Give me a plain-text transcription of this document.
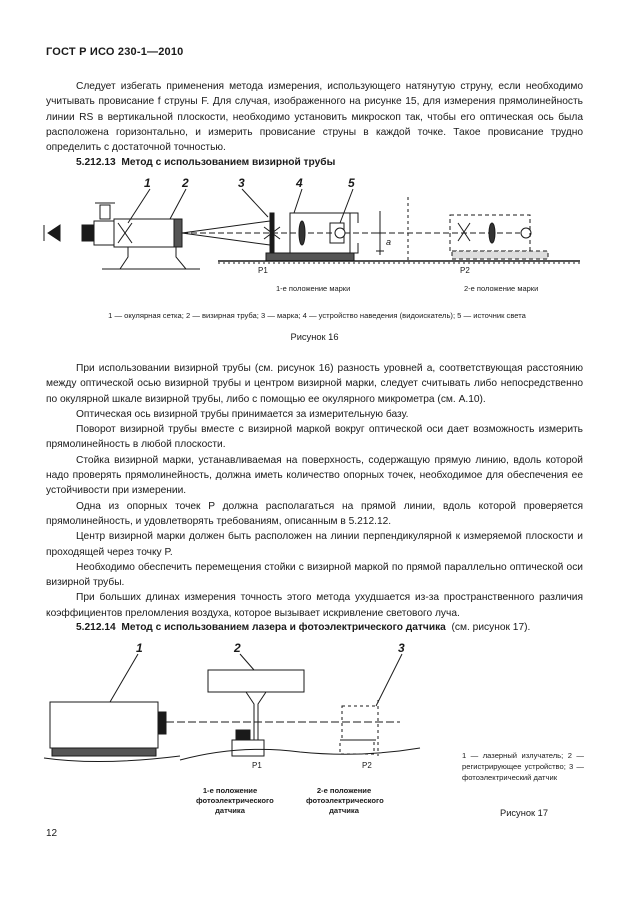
ГОСТ Р ИСО 230-1—2010

Следует избегать применения метода измерения, использующего натянутую струну, если необходимо учитывать провисание f струны F. Для случая, изображенного на рисунке 15, для измерения прямолинейность линии RS в вертикальной плоскости, необходимо установить микроскоп так, чтобы его оптическая ось была расположена горизонтально, и измерить провисание струны в каждой точке. Такое провисание трудно определить с достаточной точностью.

5.212.13 Метод с использованием визирной трубы
1	2	3	4	5
a
P1	P2
1-е положение марки	2-е положение марки
1 — окулярная сетка; 2 — визирная труба; 3 — марка; 4 — устройство наведения (видоискатель); 5 — источник света
Рисунок 16

При использовании визирной трубы (см. рисунок 16) разность уровней a, соответствующая расстоянию между оптической осью визирной трубы и центром визирной марки, следует считывать либо непосредственно по окулярной шкале визирной трубы, либо с помощью ее окулярного микрометра (см. А.10).

Оптическая ось визирной трубы принимается за измерительную базу.

Поворот визирной трубы вместе с визирной маркой вокруг оптической оси дает возможность измерить прямолинейность в любой плоскости.

Стойка визирной марки, устанавливаемая на поверхность, содержащую прямую линию, вдоль которой надо проверять прямолинейность, должна иметь количество опорных точек, необходимое для обеспечения ее устойчивости при измерении.

Одна из опорных точек P должна располагаться на прямой линии, вдоль которой проверяется прямолинейность, и удовлетворять требованиям, описанным в 5.212.12.

Центр визирной марки должен быть расположен на линии перпендикулярной к измеряемой плоскости и проходящей через точку P.

Необходимо обеспечить перемещения стойки с визирной маркой по прямой параллельно оптической оси визирной трубы.

При больших длинах измерения точность этого метода ухудшается из-за пространственного различия коэффициентов преломления воздуха, которое вызывает искривление светового луча.

5.212.14 Метод с использованием лазера и фотоэлектрического датчика (см. рисунок 17).
1	2	3
P1	P2
1-е положение фотоэлектрического датчика
2-е положение фотоэлектрического датчика
1 — лазерный излучатель; 2 — регистрирующее устройство; 3 — фотоэлектрический датчик
Рисунок 17
12
